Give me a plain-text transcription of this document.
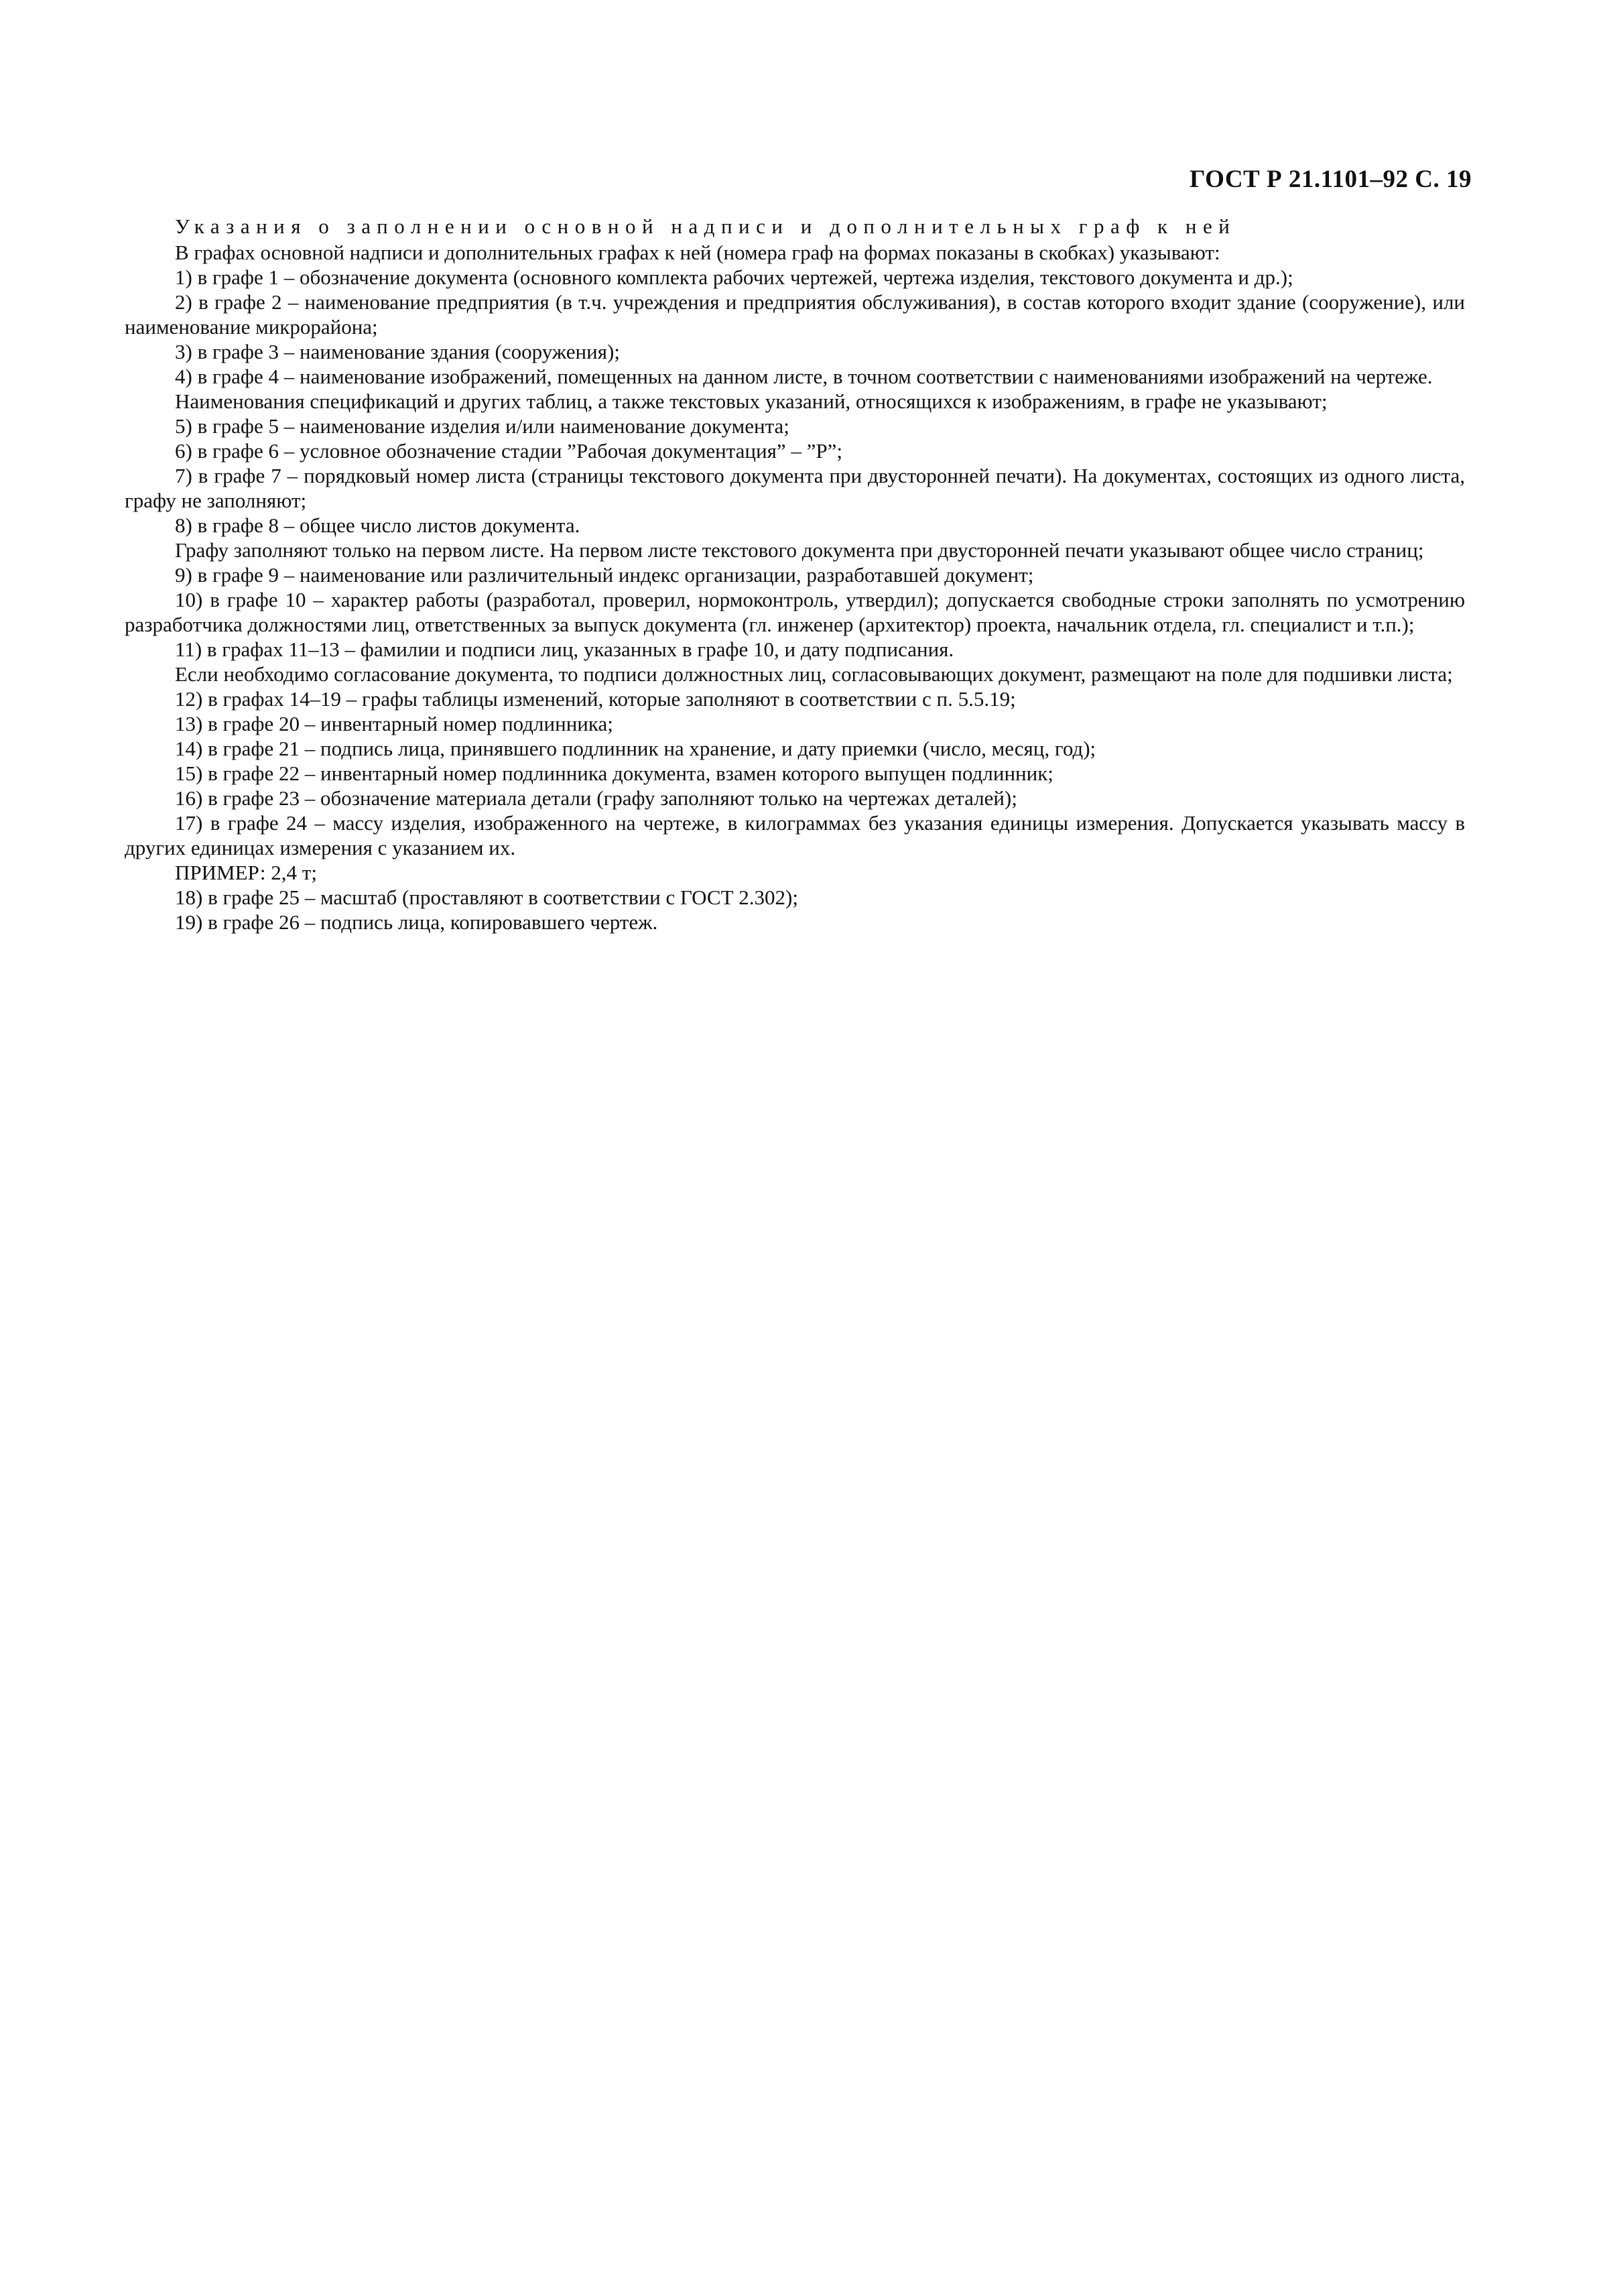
ГОСТ Р 21.1101–92 С. 19
Указания о заполнении основной надписи и дополнительных граф к ней

В графах основной надписи и дополнительных графах к ней (номера граф на формах показаны в скобках) указывают:

1) в графе 1 – обозначение документа (основного комплекта рабочих чертежей, чертежа изделия, текстового документа и др.);

2) в графе 2 – наименование предприятия (в т.ч. учреждения и предприятия обслуживания), в состав которого входит здание (сооружение), или наименование микрорайона;

3) в графе 3 – наименование здания (сооружения);

4) в графе 4 – наименование изображений, помещенных на данном листе, в точном соответствии с наименованиями изображений на чертеже.

Наименования спецификаций и других таблиц, а также текстовых указаний, относящихся к изображениям, в графе не указывают;

5) в графе 5 – наименование изделия и/или наименование документа;

6) в графе 6 – условное обозначение стадии ”Рабочая документация” – ”Р”;

7) в графе 7 – порядковый номер листа (страницы текстового документа при двусторонней печати). На документах, состоящих из одного листа, графу не заполняют;

8) в графе 8 – общее число листов документа.

Графу заполняют только на первом листе. На первом листе текстового документа при двусторонней печати указывают общее число страниц;

9) в графе 9 – наименование или различительный индекс организации, разработавшей документ;

10) в графе 10 – характер работы (разработал, проверил, нормоконтроль, утвердил); допускается свободные строки заполнять по усмотрению разработчика должностями лиц, ответственных за выпуск документа (гл. инженер (архитектор) проекта, начальник отдела, гл. специалист и т.п.);

11) в графах 11–13 – фамилии и подписи лиц, указанных в графе 10, и дату подписания.

Если необходимо согласование документа, то подписи должностных лиц, согласовывающих документ, размещают на поле для подшивки листа;

12) в графах 14–19 – графы таблицы изменений, которые заполняют в соответствии с п. 5.5.19;

13) в графе 20 – инвентарный номер подлинника;

14) в графе 21 – подпись лица, принявшего подлинник на хранение, и дату приемки (число, месяц, год);

15) в графе 22 – инвентарный номер подлинника документа, взамен которого выпущен подлинник;

16) в графе 23 – обозначение материала детали (графу заполняют только на чертежах деталей);

17) в графе 24 – массу изделия, изображенного на чертеже, в килограммах без указания единицы измерения. Допускается указывать массу в других единицах измерения с указанием их.

ПРИМЕР: 2,4 т;

18) в графе 25 – масштаб (проставляют в соответствии с ГОСТ 2.302);

19) в графе 26 – подпись лица, копировавшего чертеж.
